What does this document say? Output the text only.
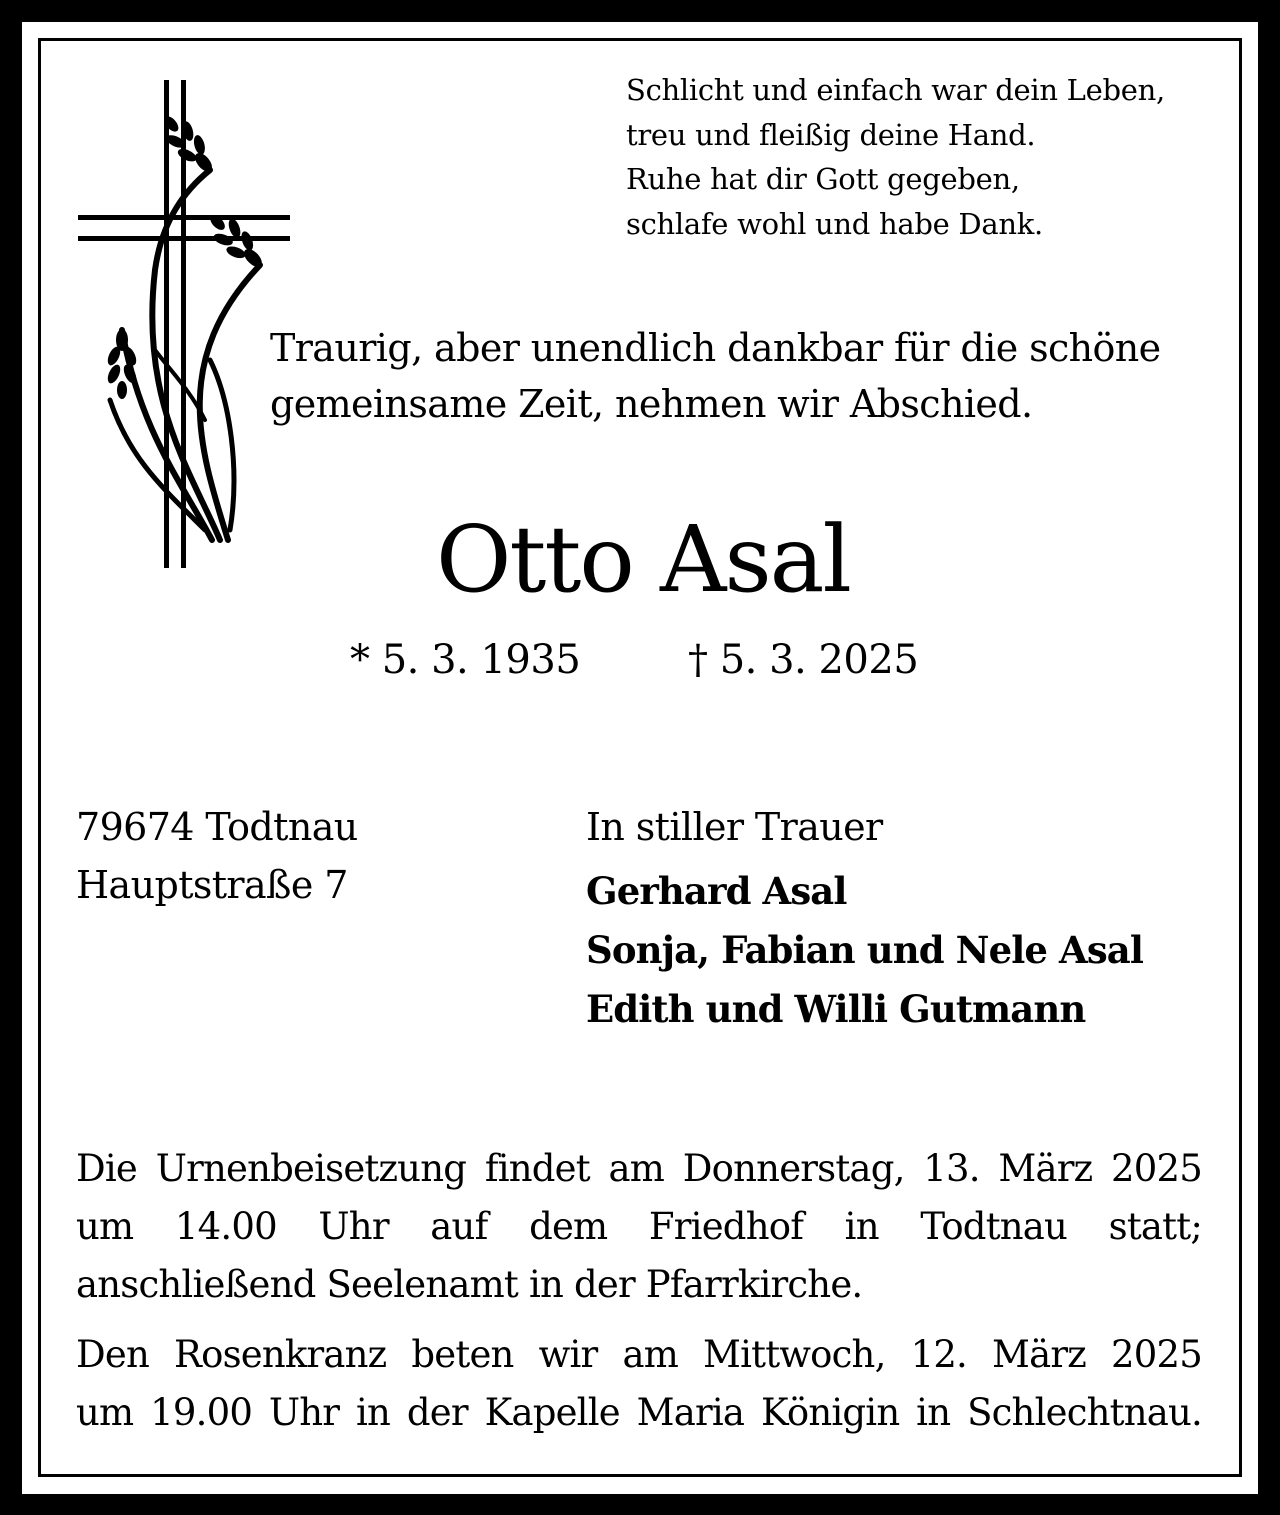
Schlicht und einfach war dein Leben,
treu und fleißig deine Hand.
Ruhe hat dir Gott gegeben,
schlafe wohl und habe Dank.
Traurig, aber unendlich dankbar für die schöne
gemeinsame Zeit, nehmen wir Abschied.
Otto Asal
* 5. 3. 1935	† 5. 3. 2025
79674 Todtnau
Hauptstraße 7
In stiller Trauer
Gerhard Asal
Sonja, Fabian und Nele Asal
Edith und Willi Gutmann
Die Urnenbeisetzung findet am Donnerstag, 13. März 2025
um 14.00 Uhr auf dem Friedhof in Todtnau statt;
anschließend Seelenamt in der Pfarrkirche.
Den Rosenkranz beten wir am Mittwoch, 12. März 2025
um 19.00 Uhr in der Kapelle Maria Königin in Schlechtnau.
